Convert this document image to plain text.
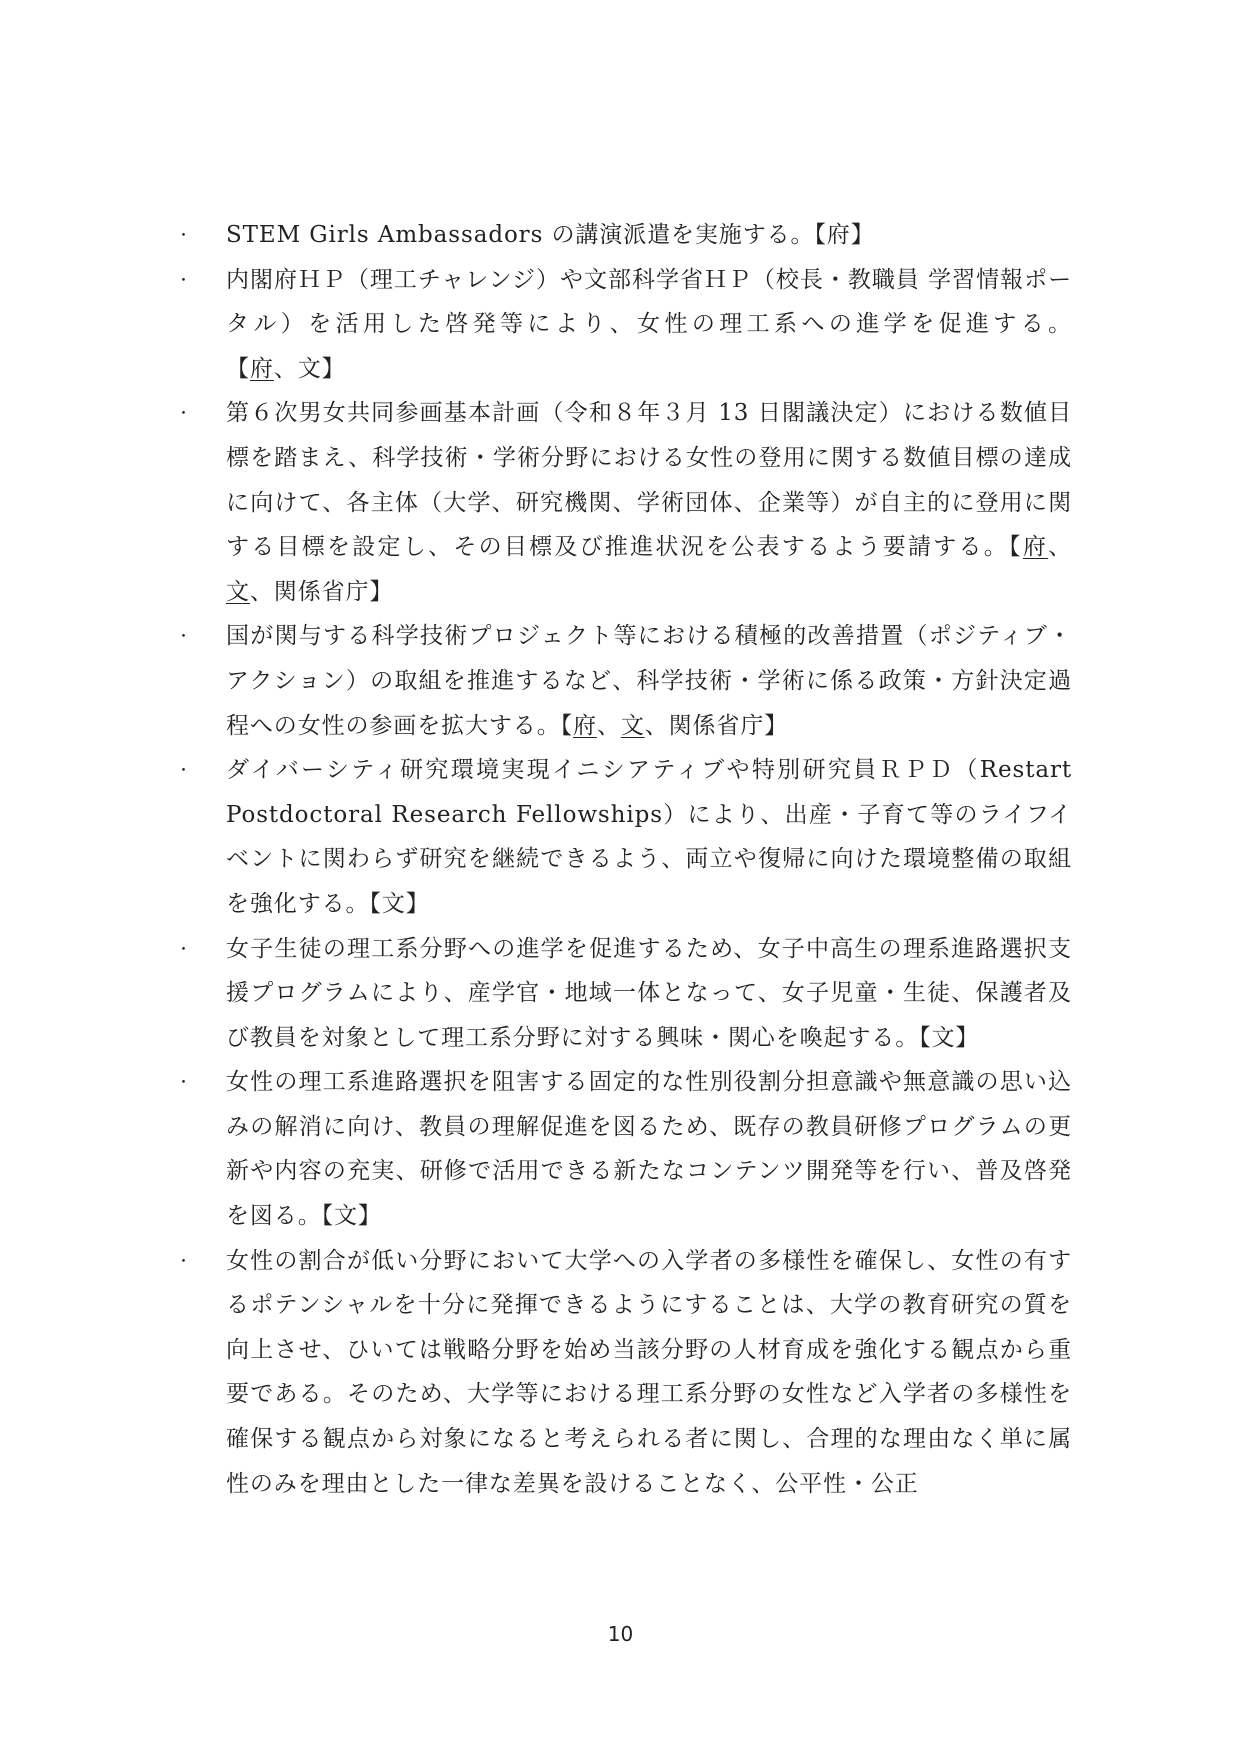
・ STEM Girls Ambassadors の講演派遣を実施する。【府】
・ 内閣府ＨＰ（理工チャレンジ）や文部科学省ＨＰ（校長・教職員 学習情報ポータル）を活用した啓発等により、女性の理工系への進学を促進する。【府、文】
・ 第６次男女共同参画基本計画（令和８年３月 13 日閣議決定）における数値目標を踏まえ、科学技術・学術分野における女性の登用に関する数値目標の達成に向けて、各主体（大学、研究機関、学術団体、企業等）が自主的に登用に関する目標を設定し、その目標及び推進状況を公表するよう要請する。【府、文、関係省庁】
・ 国が関与する科学技術プロジェクト等における積極的改善措置（ポジティブ・アクション）の取組を推進するなど、科学技術・学術に係る政策・方針決定過程への女性の参画を拡大する。【府、文、関係省庁】
・ ダイバーシティ研究環境実現イニシアティブや特別研究員ＲＰＤ（Restart Postdoctoral Research Fellowships）により、出産・子育て等のライフイベントに関わらず研究を継続できるよう、両立や復帰に向けた環境整備の取組を強化する。【文】
・ 女子生徒の理工系分野への進学を促進するため、女子中高生の理系進路選択支援プログラムにより、産学官・地域一体となって、女子児童・生徒、保護者及び教員を対象として理工系分野に対する興味・関心を喚起する。【文】
・ 女性の理工系進路選択を阻害する固定的な性別役割分担意識や無意識の思い込みの解消に向け、教員の理解促進を図るため、既存の教員研修プログラムの更新や内容の充実、研修で活用できる新たなコンテンツ開発等を行い、普及啓発を図る。【文】
・ 女性の割合が低い分野において大学への入学者の多様性を確保し、女性の有するポテンシャルを十分に発揮できるようにすることは、大学の教育研究の質を向上させ、ひいては戦略分野を始め当該分野の人材育成を強化する観点から重要である。そのため、大学等における理工系分野の女性など入学者の多様性を確保する観点から対象になると考えられる者に関し、合理的な理由なく単に属性のみを理由とした一律な差異を設けることなく、公平性・公正
10
